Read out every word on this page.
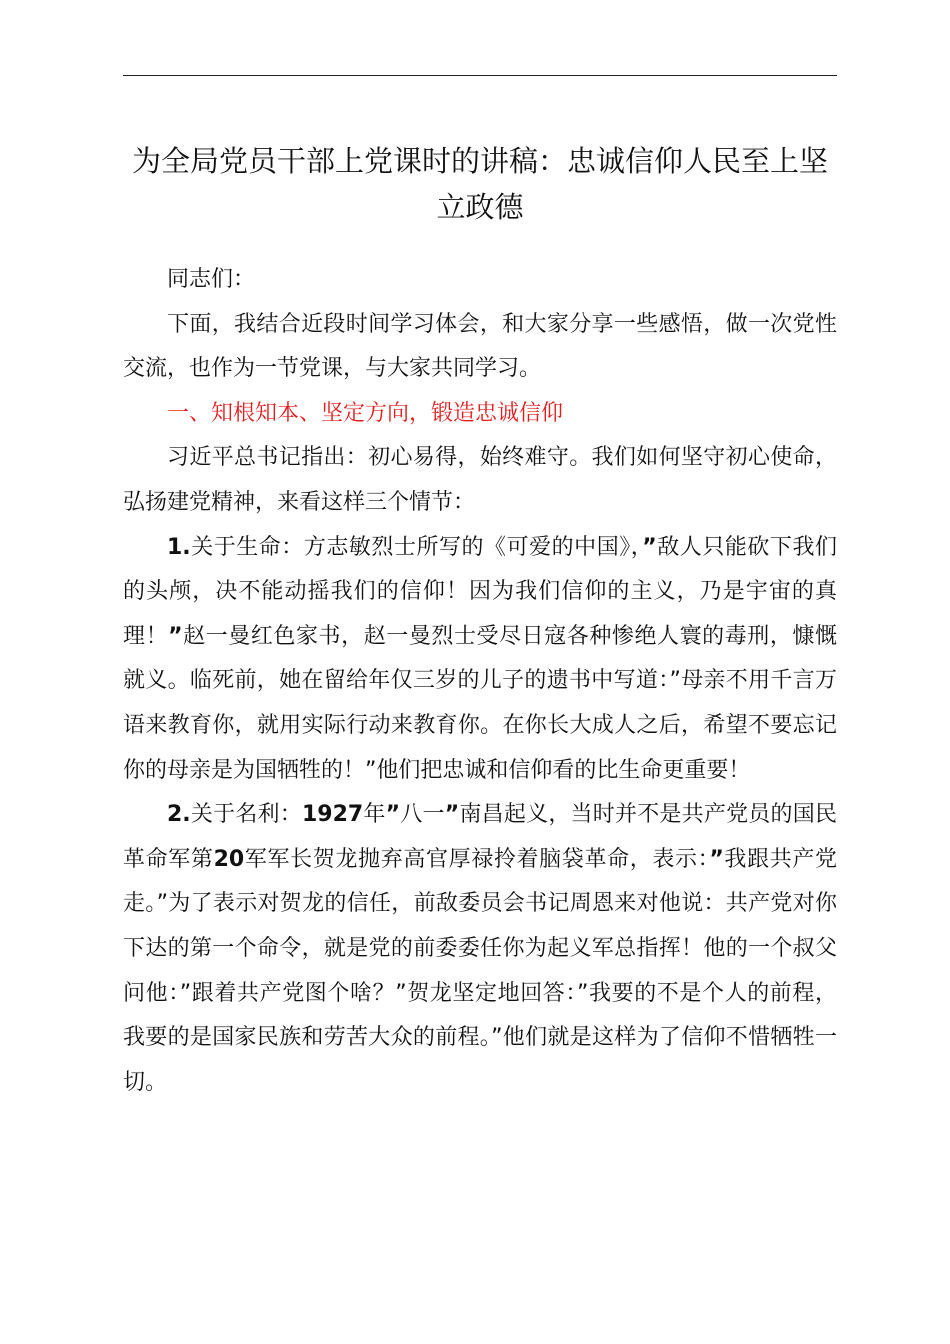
为全局党员干部上党课时的讲稿：忠诚信仰人民至上坚立政德

同志们：

下面，我结合近段时间学习体会，和大家分享一些感悟，做一次党性交流，也作为一节党课，与大家共同学习。

一、知根知本、坚定方向，锻造忠诚信仰

习近平总书记指出：初心易得，始终难守。我们如何坚守初心使命，弘扬建党精神，来看这样三个情节：

1.关于生命：方志敏烈士所写的《可爱的中国》，”敌人只能砍下我们的头颅，决不能动摇我们的信仰！因为我们信仰的主义，乃是宇宙的真理！”赵一曼红色家书，赵一曼烈士受尽日寇各种惨绝人寰的毒刑，慷慨就义。临死前，她在留给年仅三岁的儿子的遗书中写道：”母亲不用千言万语来教育你，就用实际行动来教育你。在你长大成人之后，希望不要忘记你的母亲是为国牺牲的！”他们把忠诚和信仰看的比生命更重要！

2.关于名利：1927年”八一”南昌起义，当时并不是共产党员的国民革命军第20军军长贺龙抛弃高官厚禄拎着脑袋革命，表示：”我跟共产党走。”为了表示对贺龙的信任，前敌委员会书记周恩来对他说：共产党对你下达的第一个命令，就是党的前委委任你为起义军总指挥！他的一个叔父问他：”跟着共产党图个啥？”贺龙坚定地回答：”我要的不是个人的前程，我要的是国家民族和劳苦大众的前程。”他们就是这样为了信仰不惜牺牲一切。
